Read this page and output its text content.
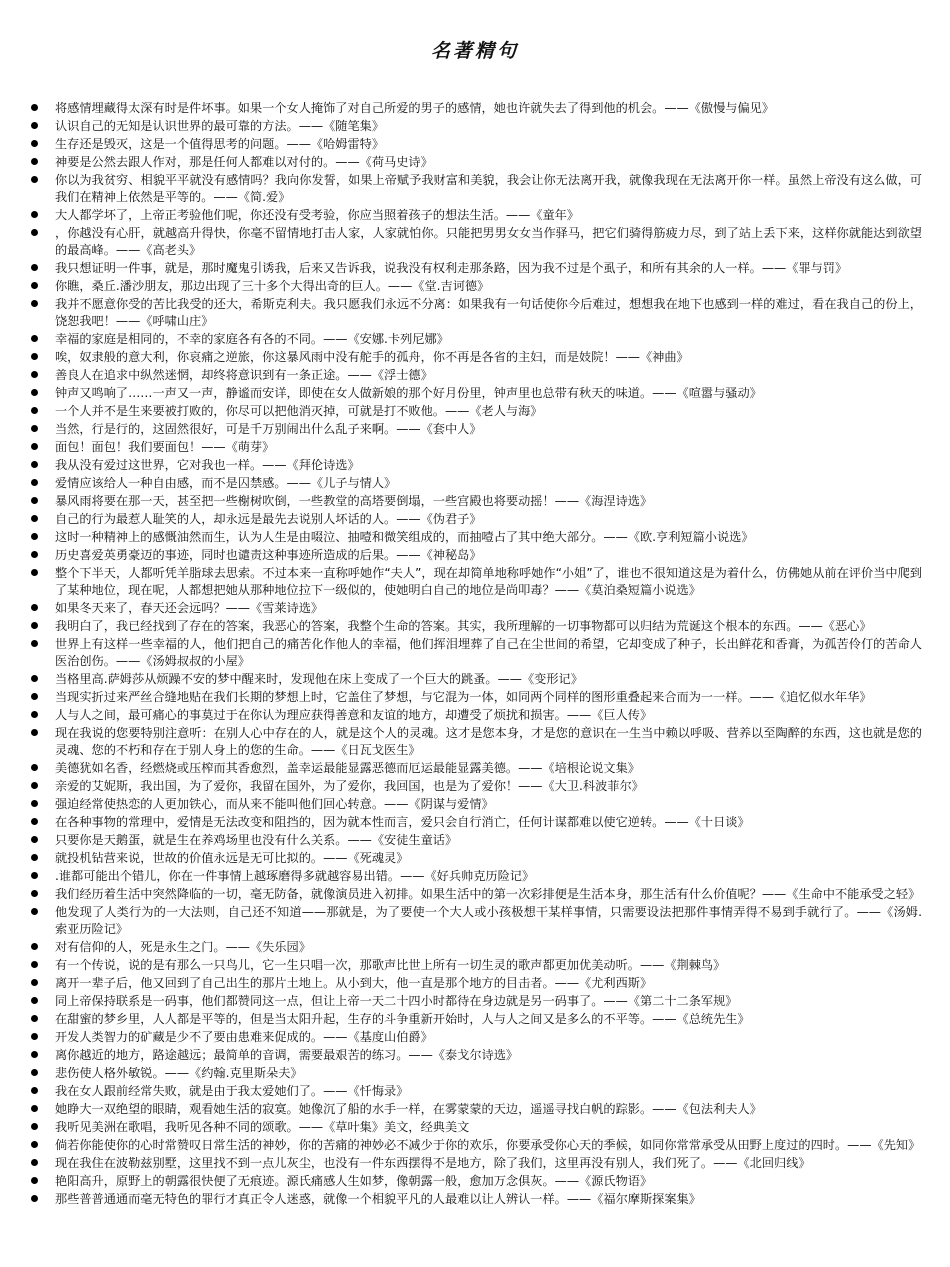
名著精句
将感情埋藏得太深有时是件坏事。如果一个女人掩饰了对自己所爱的男子的感情，她也许就失去了得到他的机会。——《傲慢与偏见》
认识自己的无知是认识世界的最可靠的方法。——《随笔集》
生存还是毁灭，这是一个值得思考的问题。——《哈姆雷特》
神要是公然去跟人作对，那是任何人都难以对付的。——《荷马史诗》
你以为我贫穷、相貌平平就没有感情吗？我向你发誓，如果上帝赋予我财富和美貌，我会让你无法离开我，就像我现在无法离开你一样。虽然上帝没有这么做，可我们在精神上依然是平等的。——《简.爱》
大人都学坏了，上帝正考验他们呢，你还没有受考验，你应当照着孩子的想法生活。——《童年》
，你越没有心肝，就越高升得快，你毫不留情地打击人家，人家就怕你。只能把男男女女当作驿马，把它们骑得筋疲力尽，到了站上丢下来，这样你就能达到欲望的最高峰。——《高老头》
我只想证明一件事，就是，那时魔鬼引诱我，后来又告诉我，说我没有权利走那条路，因为我不过是个虱子，和所有其余的人一样。——《罪与罚》
你瞧，桑丘.潘沙朋友，那边出现了三十多个大得出奇的巨人。——《堂.吉诃德》
我并不愿意你受的苦比我受的还大，希斯克利夫。我只愿我们永远不分离：如果我有一句话使你今后难过，想想我在地下也感到一样的难过，看在我自己的份上，饶恕我吧！——《呼啸山庄》
幸福的家庭是相同的，不幸的家庭各有各的不同。——《安娜.卡列尼娜》
唉，奴隶般的意大利，你哀痛之逆旅，你这暴风雨中没有舵手的孤舟，你不再是各省的主妇，而是妓院！——《神曲》
善良人在追求中纵然迷惘，却终将意识到有一条正途。——《浮士德》
钟声又鸣响了……一声又一声，静谧而安详，即使在女人做新娘的那个好月份里，钟声里也总带有秋天的味道。——《喧嚣与骚动》
一个人并不是生来要被打败的，你尽可以把他消灭掉，可就是打不败他。——《老人与海》
当然，行是行的，这固然很好，可是千万别闹出什么乱子来啊。——《套中人》
面包！面包！我们要面包！——《萌芽》
我从没有爱过这世界，它对我也一样。——《拜伦诗选》
爱情应该给人一种自由感，而不是囚禁感。——《儿子与情人》
暴风雨将要在那一天，甚至把一些榭树吹倒，一些教堂的高塔要倒塌，一些宫殿也将要动摇！——《海涅诗选》
自己的行为最惹人耻笑的人，却永远是最先去说别人坏话的人。——《伪君子》
这时一种精神上的感慨油然而生，认为人生是由啜泣、抽噎和微笑组成的，而抽噎占了其中绝大部分。——《欧.亨利短篇小说选》
历史喜爱英勇豪迈的事迹，同时也谴责这种事迹所造成的后果。——《神秘岛》
整个下半天，人都听凭羊脂球去思索。不过本来一直称呼她作“夫人”，现在却简单地称呼她作“小姐”了，谁也不很知道这是为着什么，仿佛她从前在评价当中爬到了某种地位，现在呢，人都想把她从那种地位拉下一级似的，使她明白自己的地位是尚叩毒？——《莫泊桑短篇小说选》
如果冬天来了，春天还会远吗？——《雪莱诗选》
我明白了，我已经找到了存在的答案，我恶心的答案，我整个生命的答案。其实，我所理解的一切事物都可以归结为荒诞这个根本的东西。——《恶心》
世界上有这样一些幸福的人，他们把自己的痛苦化作他人的幸福，他们挥泪埋葬了自己在尘世间的希望，它却变成了种子，长出鲜花和香膏，为孤苦伶仃的苦命人医治创伤。——《汤姆叔叔的小屋》
当格里高.萨姆莎从烦躁不安的梦中醒来时，发现他在床上变成了一个巨大的跳蚤。——《变形记》
当现实折过来严丝合缝地贴在我们长期的梦想上时，它盖住了梦想，与它混为一体，如同两个同样的图形重叠起来合而为一一样。——《追忆似水年华》
人与人之间，最可痛心的事莫过于在你认为理应获得善意和友谊的地方，却遭受了烦扰和损害。——《巨人传》
现在我说的您要特别注意听：在别人心中存在的人，就是这个人的灵魂。这才是您本身，才是您的意识在一生当中赖以呼吸、营养以至陶醉的东西，这也就是您的灵魂、您的不朽和存在于别人身上的您的生命。——《日瓦戈医生》
美德犹如名香，经燃烧或压榨而其香愈烈，盖幸运最能显露恶德而厄运最能显露美德。——《培根论说文集》
亲爱的艾妮斯，我出国，为了爱你，我留在国外，为了爱你，我回国，也是为了爱你！——《大卫.科波菲尔》
强迫经常使热恋的人更加铁心，而从来不能叫他们回心转意。——《阴谋与爱情》
在各种事物的常理中，爱情是无法改变和阻挡的，因为就本性而言，爱只会自行消亡，任何计谋都难以使它逆转。——《十日谈》
只要你是天鹅蛋，就是生在养鸡场里也没有什么关系。——《安徒生童话》
就投机钻营来说，世故的价值永远是无可比拟的。——《死魂灵》
.谁都可能出个错儿，你在一件事情上越琢磨得多就越容易出错。——《好兵帅克历险记》
我们经历着生活中突然降临的一切，毫无防备，就像演员进入初排。如果生活中的第一次彩排便是生活本身，那生活有什么价值呢？——《生命中不能承受之轻》
他发现了人类行为的一大法则，自己还不知道——那就是，为了要使一个大人或小孩极想干某样事情，只需要设法把那件事情弄得不易到手就行了。——《汤姆.索亚历险记》
对有信仰的人，死是永生之门。——《失乐园》
有一个传说，说的是有那么一只鸟儿，它一生只唱一次，那歌声比世上所有一切生灵的歌声都更加优美动听。——《荆棘鸟》
离开一辈子后，他又回到了自己出生的那片土地上。从小到大，他一直是那个地方的目击者。——《尤利西斯》
同上帝保持联系是一码事，他们都赞同这一点，但让上帝一天二十四小时都待在身边就是另一码事了。——《第二十二条军规》
在甜蜜的梦乡里，人人都是平等的，但是当太阳升起，生存的斗争重新开始时，人与人之间又是多么的不平等。——《总统先生》
开发人类智力的矿藏是少不了要由患难来促成的。——《基度山伯爵》
离你越近的地方，路途越远；最简单的音调，需要最艰苦的练习。——《泰戈尔诗选》
悲伤使人格外敏锐。——《约翰.克里斯朵夫》
我在女人跟前经常失败，就是由于我太爱她们了。——《忏悔录》
她睁大一双绝望的眼睛，观看她生活的寂寞。她像沉了船的水手一样，在雾蒙蒙的天边，遥遥寻找白帆的踪影。——《包法利夫人》
我听见美洲在歌唱，我听见各种不同的颂歌。——《草叶集》美文，经典美文
倘若你能使你的心时常赞叹日常生活的神妙，你的苦痛的神妙必不减少于你的欢乐，你要承受你心天的季候，如同你常常承受从田野上度过的四时。——《先知》
现在我住在波勒兹别墅，这里找不到一点儿灰尘，也没有一件东西摆得不是地方，除了我们，这里再没有别人，我们死了。——《北回归线》
艳阳高升，原野上的朝露很快便了无痕迹。源氏痛感人生如梦，像朝露一般，愈加万念俱灰。——《源氏物语》
那些普普通通而毫无特色的罪行才真正令人迷惑，就像一个相貌平凡的人最难以让人辨认一样。——《福尔摩斯探案集》
